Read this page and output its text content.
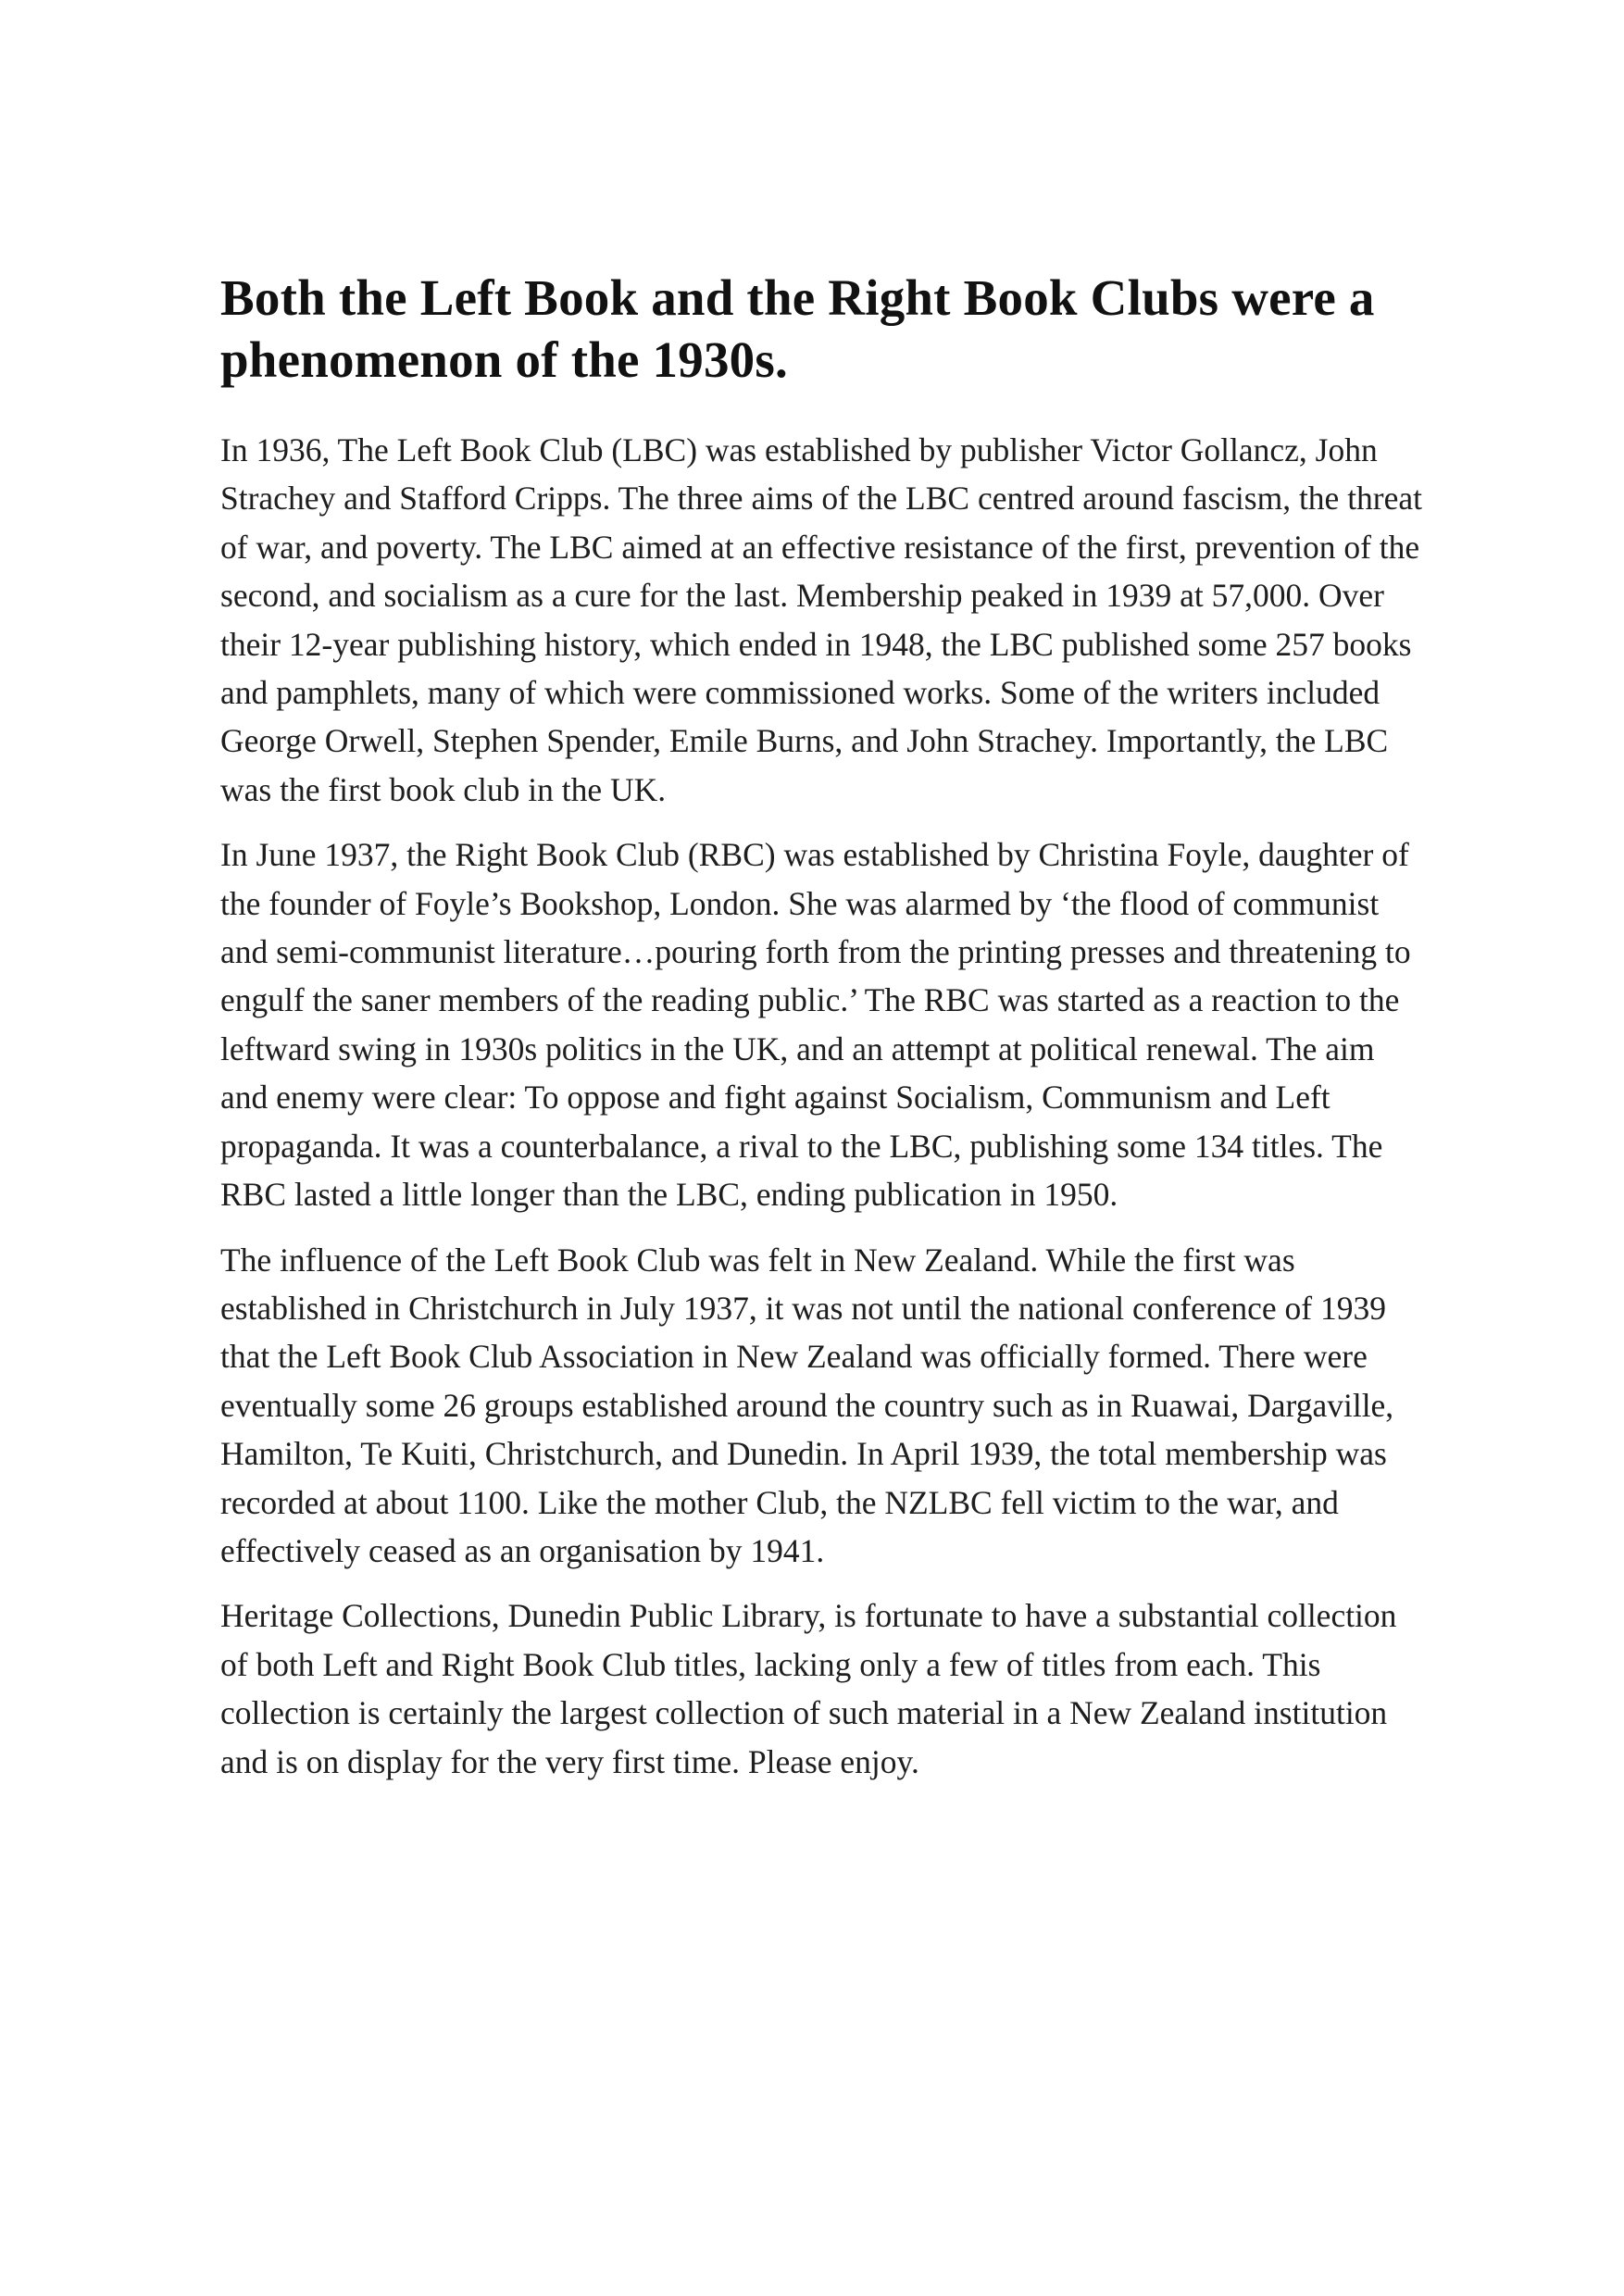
Both the Left Book and the Right Book Clubs were a phenomenon of the 1930s.

In 1936, The Left Book Club (LBC) was established by publisher Victor Gollancz, John Strachey and Stafford Cripps. The three aims of the LBC centred around fascism, the threat of war, and poverty. The LBC aimed at an effective resistance of the first, prevention of the second, and socialism as a cure for the last. Membership peaked in 1939 at 57,000. Over their 12-year publishing history, which ended in 1948, the LBC published some 257 books and pamphlets, many of which were commissioned works. Some of the writers included George Orwell, Stephen Spender, Emile Burns, and John Strachey. Importantly, the LBC was the first book club in the UK.

In June 1937, the Right Book Club (RBC) was established by Christina Foyle, daughter of the founder of Foyle’s Bookshop, London. She was alarmed by ‘the flood of communist and semi-communist literature…pouring forth from the printing presses and threatening to engulf the saner members of the reading public.’ The RBC was started as a reaction to the leftward swing in 1930s politics in the UK, and an attempt at political renewal. The aim and enemy were clear: To oppose and fight against Socialism, Communism and Left propaganda. It was a counterbalance, a rival to the LBC, publishing some 134 titles. The RBC lasted a little longer than the LBC, ending publication in 1950.

The influence of the Left Book Club was felt in New Zealand. While the first was established in Christchurch in July 1937, it was not until the national conference of 1939 that the Left Book Club Association in New Zealand was officially formed. There were eventually some 26 groups established around the country such as in Ruawai, Dargaville, Hamilton, Te Kuiti, Christchurch, and Dunedin. In April 1939, the total membership was recorded at about 1100. Like the mother Club, the NZLBC fell victim to the war, and effectively ceased as an organisation by 1941.

Heritage Collections, Dunedin Public Library, is fortunate to have a substantial collection of both Left and Right Book Club titles, lacking only a few of titles from each. This collection is certainly the largest collection of such material in a New Zealand institution and is on display for the very first time. Please enjoy.
